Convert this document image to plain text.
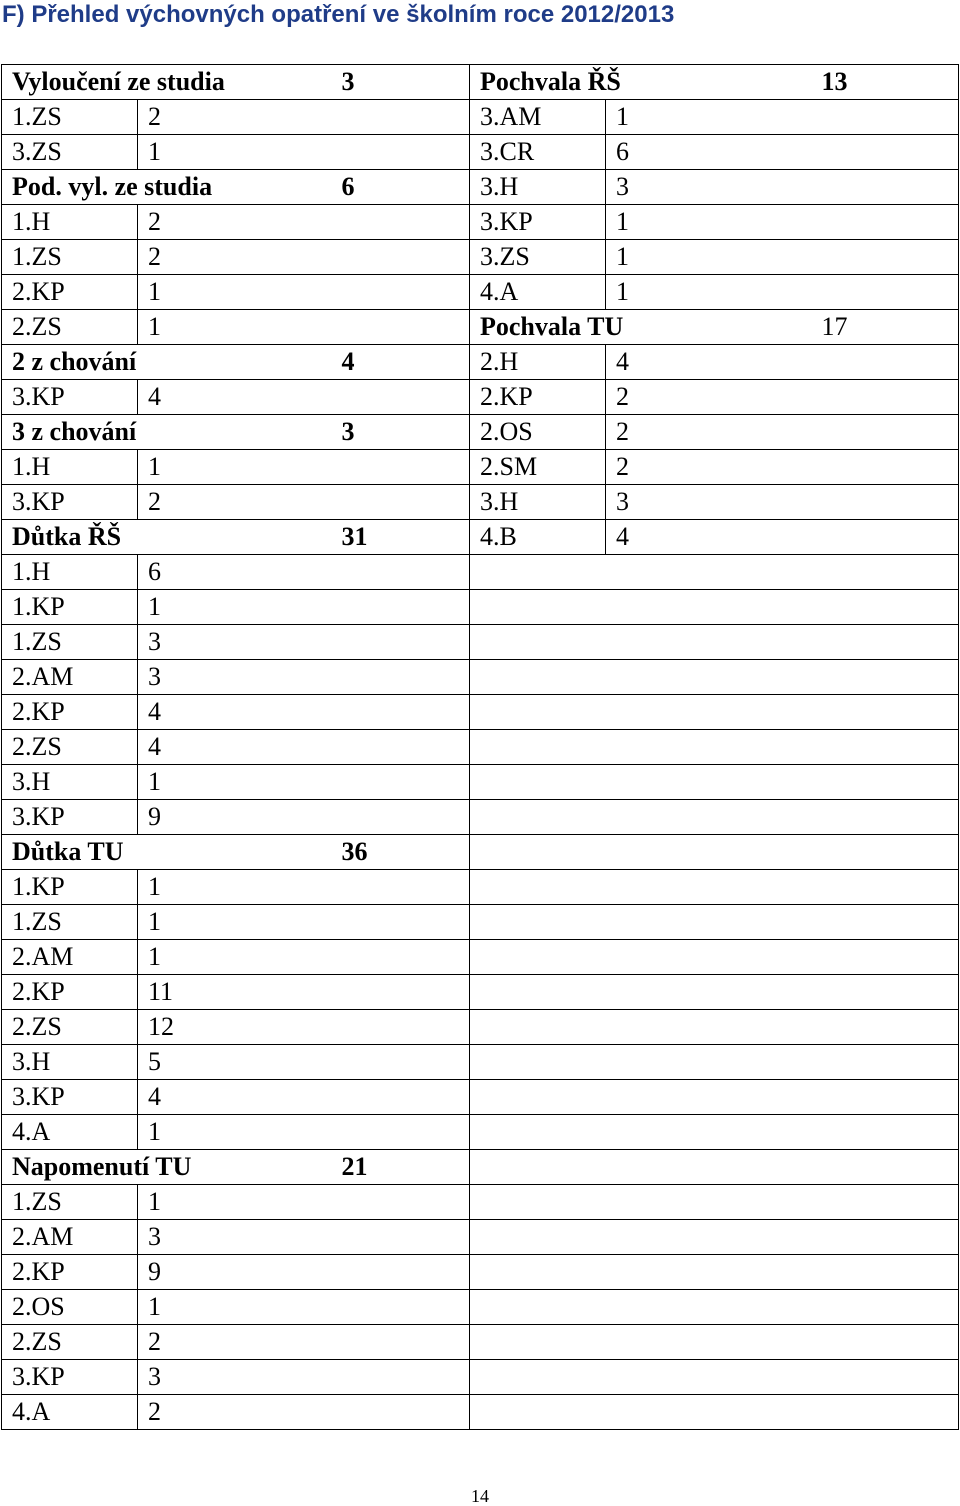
F) Přehled výchovných opatření ve školním roce 2012/2013
Vyloučení ze studia		3	Pochvala ŘŠ		13
1.ZS	2		3.AM	1	
3.ZS	1		3.CR	6	
Pod. vyl. ze studia		6	3.H	3	
1.H	2		3.KP	1	
1.ZS	2		3.ZS	1	
2.KP	1		4.A	1	
2.ZS	1		Pochvala TU		17
2 z chování		4	2.H	4	
3.KP	4		2.KP	2	
3 z chování		3	2.OS	2	
1.H	1		2.SM	2	
3.KP	2		3.H	3	
Důtka ŘŠ		31	4.B	4	
1.H	6				
1.KP	1				
1.ZS	3				
2.AM	3				
2.KP	4				
2.ZS	4				
3.H	1				
3.KP	9				
Důtka TU		36			
1.KP	1				
1.ZS	1				
2.AM	1				
2.KP	11				
2.ZS	12				
3.H	5				
3.KP	4				
4.A	1				
Napomenutí TU		21			
1.ZS	1				
2.AM	3				
2.KP	9				
2.OS	1				
2.ZS	2				
3.KP	3				
4.A	2				
14
